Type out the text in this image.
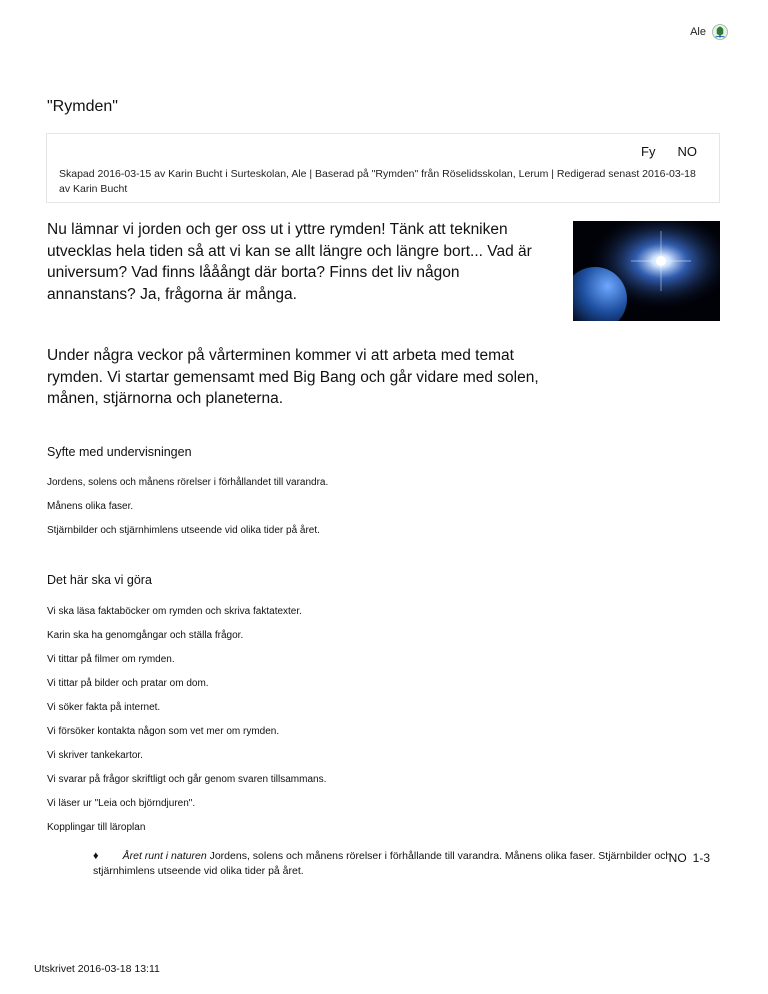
Ale
"Rymden"
Fy NO
Skapad 2016-03-15 av Karin Bucht i Surteskolan, Ale | Baserad på "Rymden" från Röselidsskolan, Lerum | Redigerad senast 2016-03-18 av Karin Bucht

Nu lämnar vi jorden och ger oss ut i yttre rymden! Tänk att tekniken utvecklas hela tiden så att vi kan se allt längre och längre bort... Vad är universum? Vad finns lååångt där borta? Finns det liv någon annanstans? Ja, frågorna är många.

Under några veckor på vårterminen kommer vi att arbeta med temat rymden. Vi startar gemensamt med Big Bang och går vidare med solen, månen, stjärnorna och planeterna.

Syfte med undervisningen

Jordens, solens och månens rörelser i förhållandet till varandra.

Månens olika faser.

Stjärnbilder och stjärnhimlens utseende vid olika tider på året.

Det här ska vi göra

Vi ska läsa faktaböcker om rymden och skriva faktatexter.

Karin ska ha genomgångar och ställa frågor.

Vi tittar på filmer om rymden.

Vi tittar på bilder och pratar om dom.

Vi söker fakta på internet.

Vi försöker kontakta någon som vet mer om rymden.

Vi skriver tankekartor.

Vi svarar på frågor skriftligt och går genom svaren tillsammans.

Vi läser ur "Leia och björndjuren".

Kopplingar till läroplan

♦ Året runt i naturen Jordens, solens och månens rörelser i förhållande till varandra. Månens olika faser. Stjärnbilder och stjärnhimlens utseende vid olika tider på året.
NO 1-3
Utskrivet 2016-03-18 13:11
